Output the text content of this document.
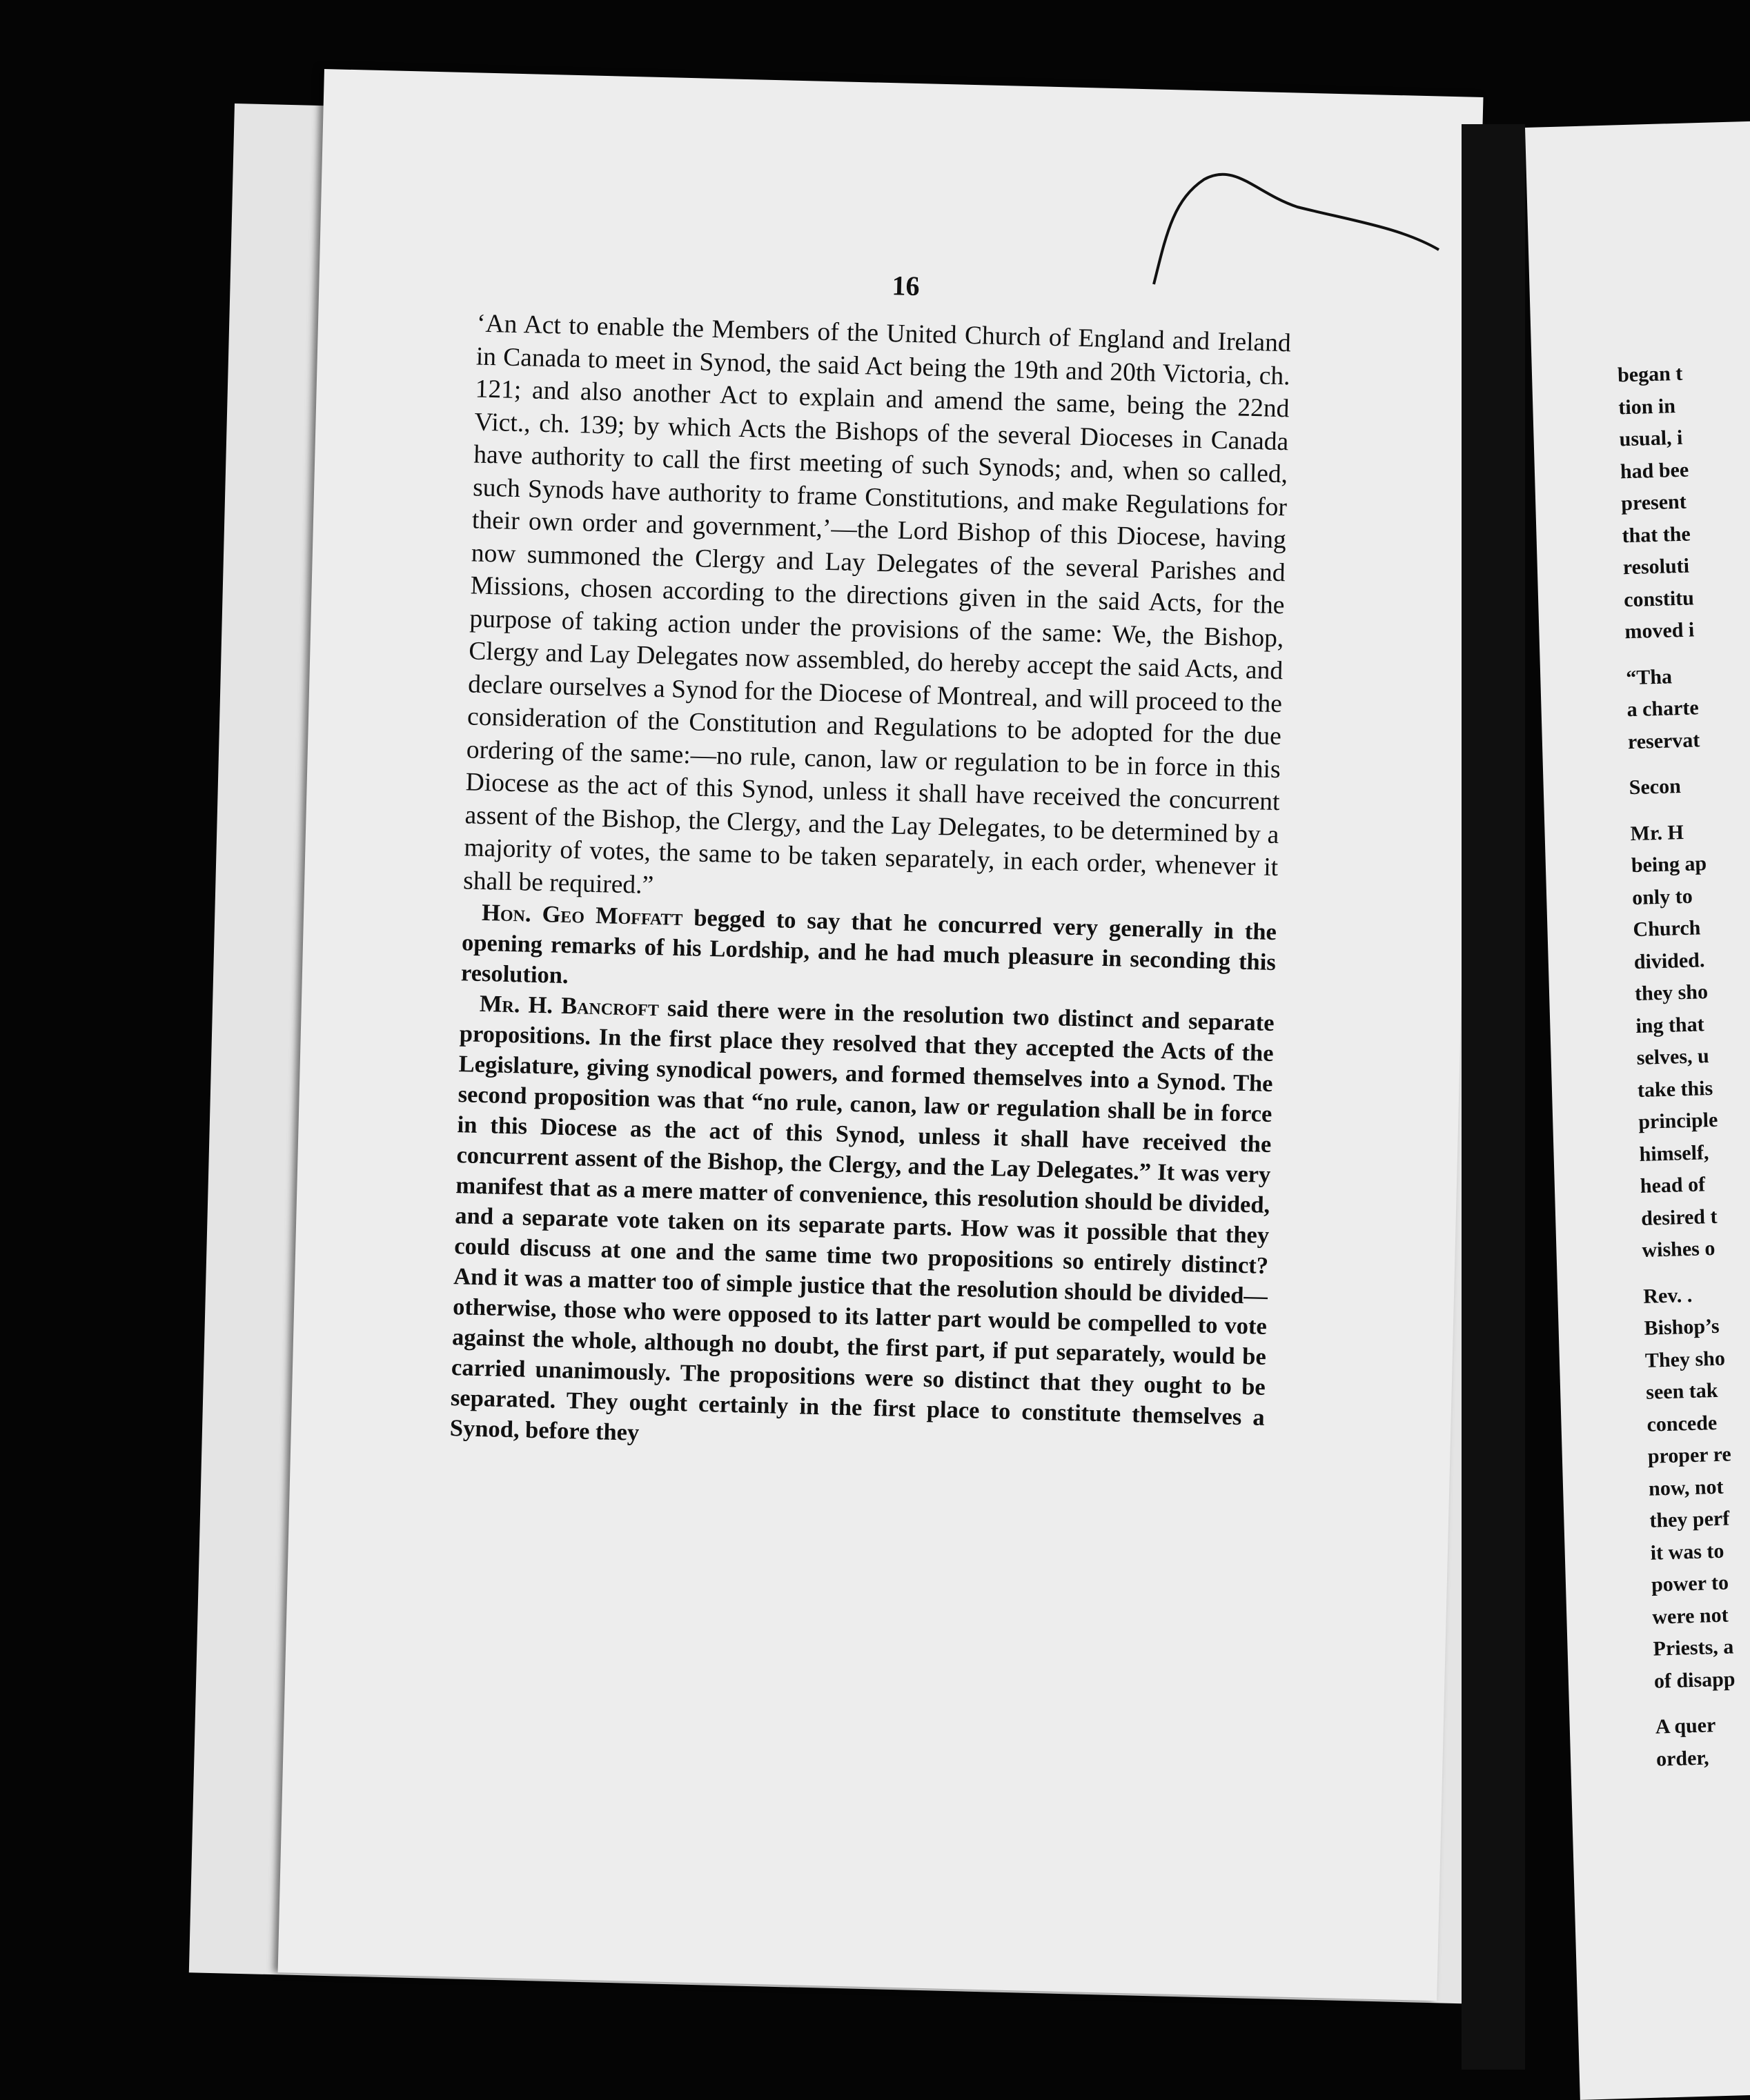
16

‘An Act to enable the Members of the United Church of England and Ireland in Canada to meet in Synod, the said Act being the 19th and 20th Victoria, ch. 121; and also another Act to explain and amend the same, being the 22nd Vict., ch. 139; by which Acts the Bishops of the several Dioceses in Canada have authority to call the first meeting of such Synods; and, when so called, such Synods have authority to frame Constitutions, and make Regulations for their own order and government,’—the Lord Bishop of this Diocese, having now summoned the Clergy and Lay Delegates of the several Parishes and Missions, chosen according to the directions given in the said Acts, for the purpose of taking action under the provisions of the same: We, the Bishop, Clergy and Lay Delegates now assembled, do hereby accept the said Acts, and declare ourselves a Synod for the Diocese of Montreal, and will proceed to the consideration of the Constitution and Regulations to be adopted for the due ordering of the same:—no rule, canon, law or regulation to be in force in this Diocese as the act of this Synod, unless it shall have received the concurrent assent of the Bishop, the Clergy, and the Lay Delegates, to be determined by a majority of votes, the same to be taken separately, in each order, whenever it shall be required.”

Hon. Geo Moffatt begged to say that he concurred very generally in the opening remarks of his Lordship, and he had much pleasure in seconding this resolution.

Mr. H. Bancroft said there were in the resolution two distinct and separate propositions. In the first place they resolved that they accepted the Acts of the Legislature, giving synodical powers, and formed themselves into a Synod. The second proposition was that “no rule, canon, law or regulation shall be in force in this Diocese as the act of this Synod, unless it shall have received the concurrent assent of the Bishop, the Clergy, and the Lay Delegates.” It was very manifest that as a mere matter of convenience, this resolution should be divided, and a separate vote taken on its separate parts. How was it possible that they could discuss at one and the same time two propositions so entirely distinct? And it was a matter too of simple justice that the resolution should be divided—otherwise, those who were opposed to its latter part would be compelled to vote against the whole, although no doubt, the first part, if put separately, would be carried unanimously. The propositions were so distinct that they ought to be separated. They ought certainly in the first place to constitute themselves a Synod, before they

began t
tion in
usual, i
had bee
present
that the
resoluti
constitu
moved i
“Tha
a charte
reservat
Secon
Mr. H
being ap
only to
Church
divided.
they sho
ing that
selves, u
take this
principle
himself,
head of
desired t
wishes o
Rev. .
Bishop’s
They sho
seen tak
concede
proper re
now, not
they perf
it was to
power to
were not
Priests, a
of disapp
A quer
order,
